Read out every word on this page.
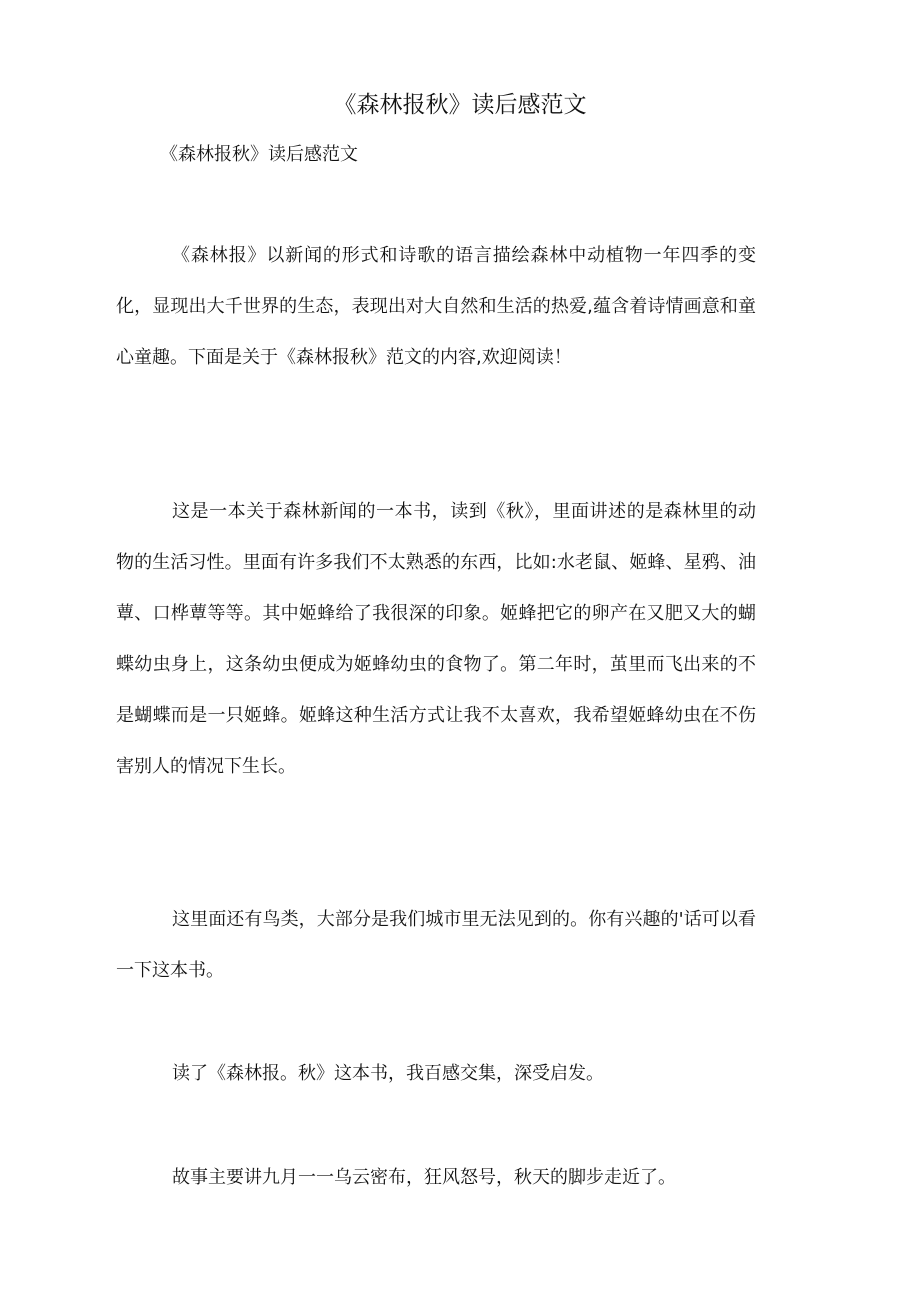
《森林报秋》读后感范文

《森林报秋》读后感范文

《森林报》以新闻的形式和诗歌的语言描绘森林中动植物一年四季的变化，显现出大千世界的生态，表现出对大自然和生活的热爱,蕴含着诗情画意和童心童趣。下面是关于《森林报秋》范文的内容,欢迎阅读！

这是一本关于森林新闻的一本书，读到《秋》，里面讲述的是森林里的动物的生活习性。里面有许多我们不太熟悉的东西，比如:水老鼠、姬蜂、星鸦、油蕈、口桦蕈等等。其中姬蜂给了我很深的印象。姬蜂把它的卵产在又肥又大的蝴蝶幼虫身上，这条幼虫便成为姬蜂幼虫的食物了。第二年时，茧里而飞出来的不是蝴蝶而是一只姬蜂。姬蜂这种生活方式让我不太喜欢，我希望姬蜂幼虫在不伤害别人的情况下生长。

这里面还有鸟类，大部分是我们城市里无法见到的。你有兴趣的'话可以看一下这本书。

读了《森林报。秋》这本书，我百感交集，深受启发。

故事主要讲九月一一乌云密布，狂风怒号，秋天的脚步走近了。
